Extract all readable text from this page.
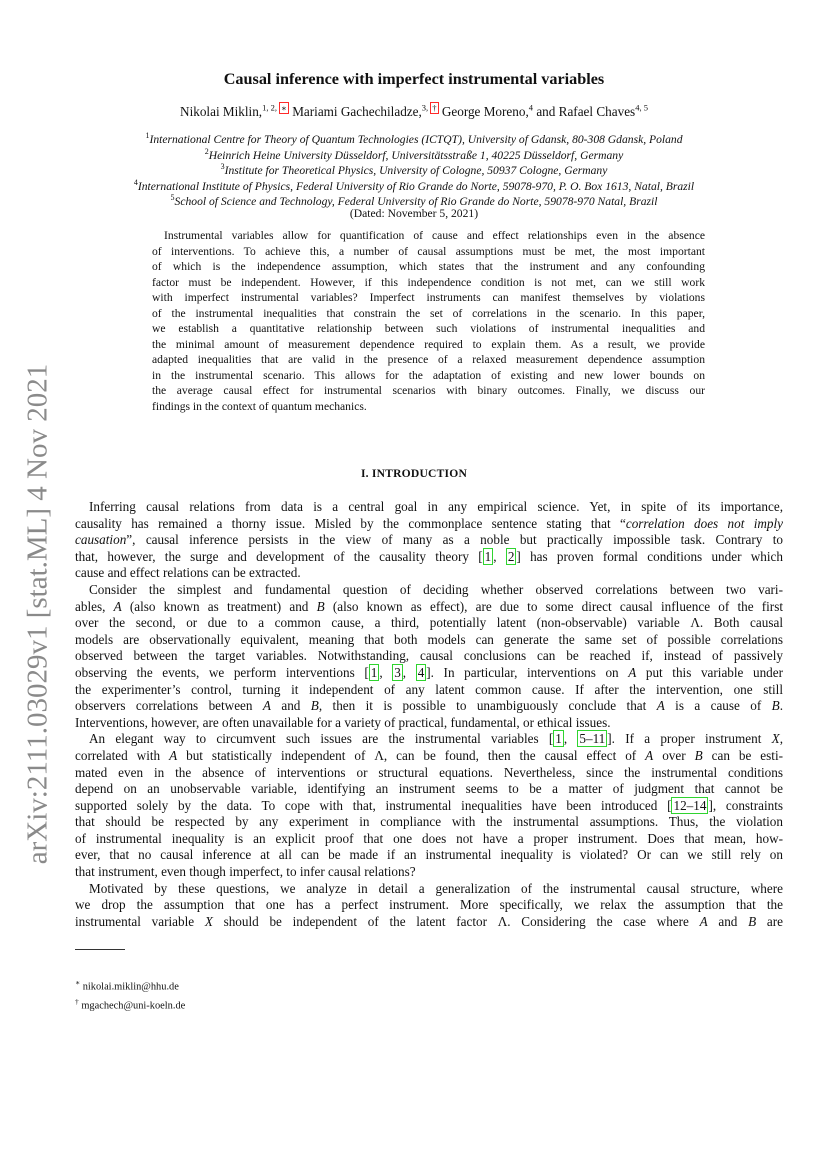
arXiv:2111.03029v1 [stat.ML] 4 Nov 2021
Causal inference with imperfect instrumental variables
Nikolai Miklin,$^{1, 2, ∗}$ Mariami Gachechiladze,$^{3, \dagger}$ George Moreno,$^4$ and Rafael Chaves$^{4, 5}$
$^1$International Centre for Theory of Quantum Technologies (ICTQT), University of Gdansk, 80-308 Gdansk, Poland
$^2$Heinrich Heine University Düsseldorf, Universitätsstraße 1, 40225 Düsseldorf, Germany
$^3$Institute for Theoretical Physics, University of Cologne, 50937 Cologne, Germany
$^4$International Institute of Physics, Federal University of Rio Grande do Norte, 59078-970, P. O. Box 1613, Natal, Brazil
$^5$School of Science and Technology, Federal University of Rio Grande do Norte, 59078-970 Natal, Brazil
(Dated: November 5, 2021)
Instrumental variables allow for quantification of cause and effect relationships even in the absence
of interventions. To achieve this, a number of causal assumptions must be met, the most important
of which is the independence assumption, which states that the instrument and any confounding
factor must be independent. However, if this independence condition is not met, can we still work
with imperfect instrumental variables? Imperfect instruments can manifest themselves by violations
of the instrumental inequalities that constrain the set of correlations in the scenario. In this paper,
we establish a quantitative relationship between such violations of instrumental inequalities and
the minimal amount of measurement dependence required to explain them. As a result, we provide
adapted inequalities that are valid in the presence of a relaxed measurement dependence assumption
in the instrumental scenario. This allows for the adaptation of existing and new lower bounds on
the average causal effect for instrumental scenarios with binary outcomes. Finally, we discuss our
findings in the context of quantum mechanics.
I. INTRODUCTION
Inferring causal relations from data is a central goal in any empirical science. Yet, in spite of its importance,
causality has remained a thorny issue. Misled by the commonplace sentence stating that “correlation does not imply
causation”, causal inference persists in the view of many as a noble but practically impossible task. Contrary to
that, however, the surge and development of the causality theory [ 1 , 2 ] has proven formal conditions under which
cause and effect relations can be extracted.
Consider the simplest and fundamental question of deciding whether observed correlations between two vari-
ables, A (also known as treatment) and B (also known as effect), are due to some direct causal influence of the first
over the second, or due to a common cause, a third, potentially latent (non-observable) variable Λ. Both causal
models are observationally equivalent, meaning that both models can generate the same set of possible correlations
observed between the target variables. Notwithstanding, causal conclusions can be reached if, instead of passively
observing the events, we perform interventions [ 1 , 3 , 4 ]. In particular, interventions on A put this variable under
the experimenter’s control, turning it independent of any latent common cause. If after the intervention, one still
observers correlations between A and B, then it is possible to unambiguously conclude that A is a cause of B.
Interventions, however, are often unavailable for a variety of practical, fundamental, or ethical issues.
An elegant way to circumvent such issues are the instrumental variables [ 1 , 5–11 ]. If a proper instrument X,
correlated with A but statistically independent of Λ, can be found, then the causal effect of A over B can be esti-
mated even in the absence of interventions or structural equations. Nevertheless, since the instrumental conditions
depend on an unobservable variable, identifying an instrument seems to be a matter of judgment that cannot be
supported solely by the data. To cope with that, instrumental inequalities have been introduced [ 12–14 ], constraints
that should be respected by any experiment in compliance with the instrumental assumptions. Thus, the violation
of instrumental inequality is an explicit proof that one does not have a proper instrument. Does that mean, how-
ever, that no causal inference at all can be made if an instrumental inequality is violated? Or can we still rely on
that instrument, even though imperfect, to infer causal relations?
Motivated by these questions, we analyze in detail a generalization of the instrumental causal structure, where
we drop the assumption that one has a perfect instrument. More specifically, we relax the assumption that the
instrumental variable X should be independent of the latent factor Λ. Considering the case where A and B are
∗ nikolai.miklin@hhu.de
† mgachech@uni-koeln.de
